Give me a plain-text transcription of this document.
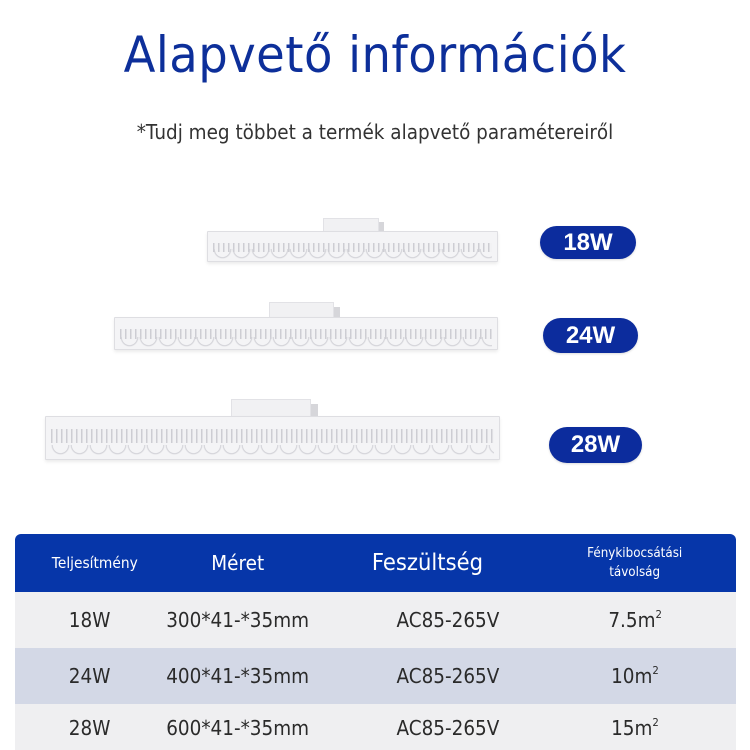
Alapvető információk
*Tudj meg többet a termék alapvető paramétereiről
18W
24W
28W
Teljesítmény	Méret	Feszültség	Fénykibocsátási
távolság
18W	300*41-*35mm	AC85-265V	$7.5m^2$
24W	400*41-*35mm	AC85-265V	$10m^2$
28W	600*41-*35mm	AC85-265V	$15m^2$
